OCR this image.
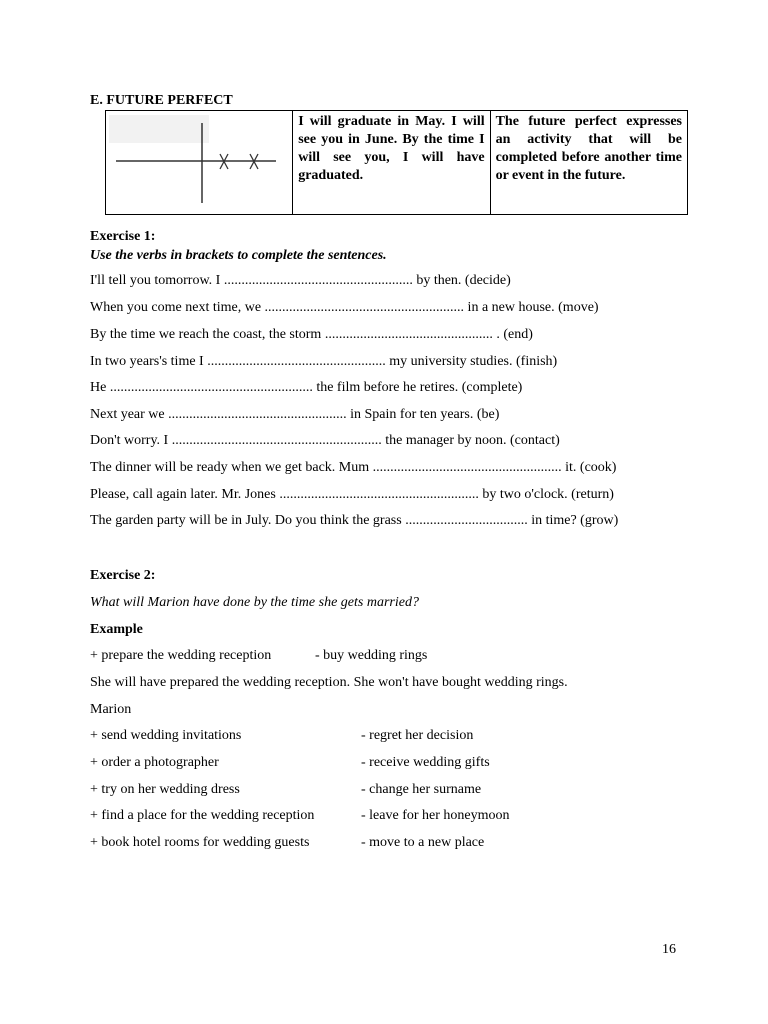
E. FUTURE PERFECT
	I will graduate in May. I will see you in June. By the time I will see you, I will have graduated.	The future perfect expresses an activity that will be completed before another time or event in the future.
Exercise 1:
Use the verbs in brackets to complete the sentences.
I'll tell you tomorrow. I ...................................................... by then. (decide)
When you come next time, we ......................................................... in a new house. (move)
By the time we reach the coast, the storm ................................................ . (end)
In two years's time I ................................................... my university studies. (finish)
He .......................................................... the film before he retires. (complete)
Next year we ................................................... in Spain for ten years. (be)
Don't worry. I ............................................................ the manager by noon. (contact)
The dinner will be ready when we get back. Mum ...................................................... it. (cook)
Please, call again later. Mr. Jones ......................................................... by two o'clock. (return)
The garden party will be in July. Do you think the grass ................................... in time? (grow)
Exercise 2:
What will Marion have done by the time she gets married?
Example
+ prepare the wedding reception	- buy wedding rings
She will have prepared the wedding reception. She won't have bought wedding rings.
Marion
+ send wedding invitations	- regret her decision
+ order a photographer	- receive wedding gifts
+ try on her wedding dress	- change her surname
+ find a place for the wedding reception	- leave for her honeymoon
+ book hotel rooms for wedding guests	- move to a new place
16
